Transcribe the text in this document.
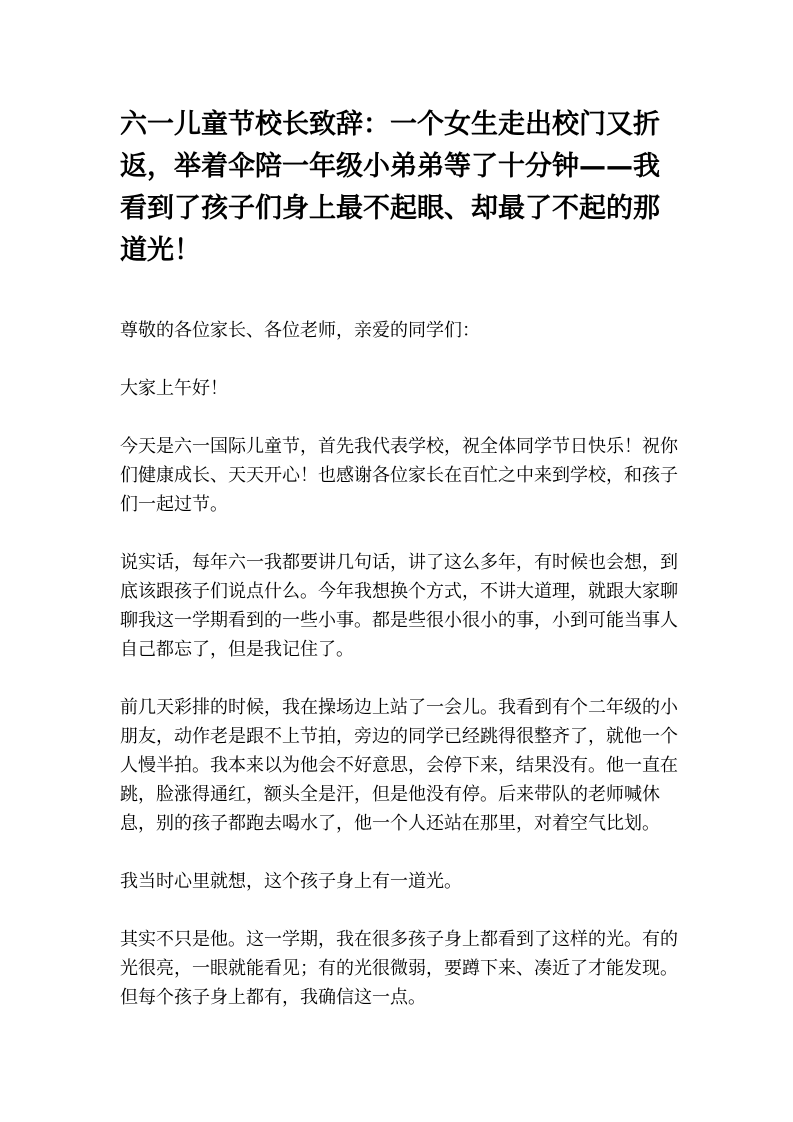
六一儿童节校长致辞：一个女生走出校门又折返，举着伞陪一年级小弟弟等了十分钟——我看到了孩子们身上最不起眼、却最了不起的那道光！

尊敬的各位家长、各位老师，亲爱的同学们：

大家上午好！

今天是六一国际儿童节，首先我代表学校，祝全体同学节日快乐！祝你们健康成长、天天开心！也感谢各位家长在百忙之中来到学校，和孩子们一起过节。

说实话，每年六一我都要讲几句话，讲了这么多年，有时候也会想，到底该跟孩子们说点什么。今年我想换个方式，不讲大道理，就跟大家聊聊我这一学期看到的一些小事。都是些很小很小的事，小到可能当事人自己都忘了，但是我记住了。

前几天彩排的时候，我在操场边上站了一会儿。我看到有个二年级的小朋友，动作老是跟不上节拍，旁边的同学已经跳得很整齐了，就他一个人慢半拍。我本来以为他会不好意思，会停下来，结果没有。他一直在跳，脸涨得通红，额头全是汗，但是他没有停。后来带队的老师喊休息，别的孩子都跑去喝水了，他一个人还站在那里，对着空气比划。

我当时心里就想，这个孩子身上有一道光。

其实不只是他。这一学期，我在很多孩子身上都看到了这样的光。有的光很亮，一眼就能看见；有的光很微弱，要蹲下来、凑近了才能发现。但每个孩子身上都有，我确信这一点。
